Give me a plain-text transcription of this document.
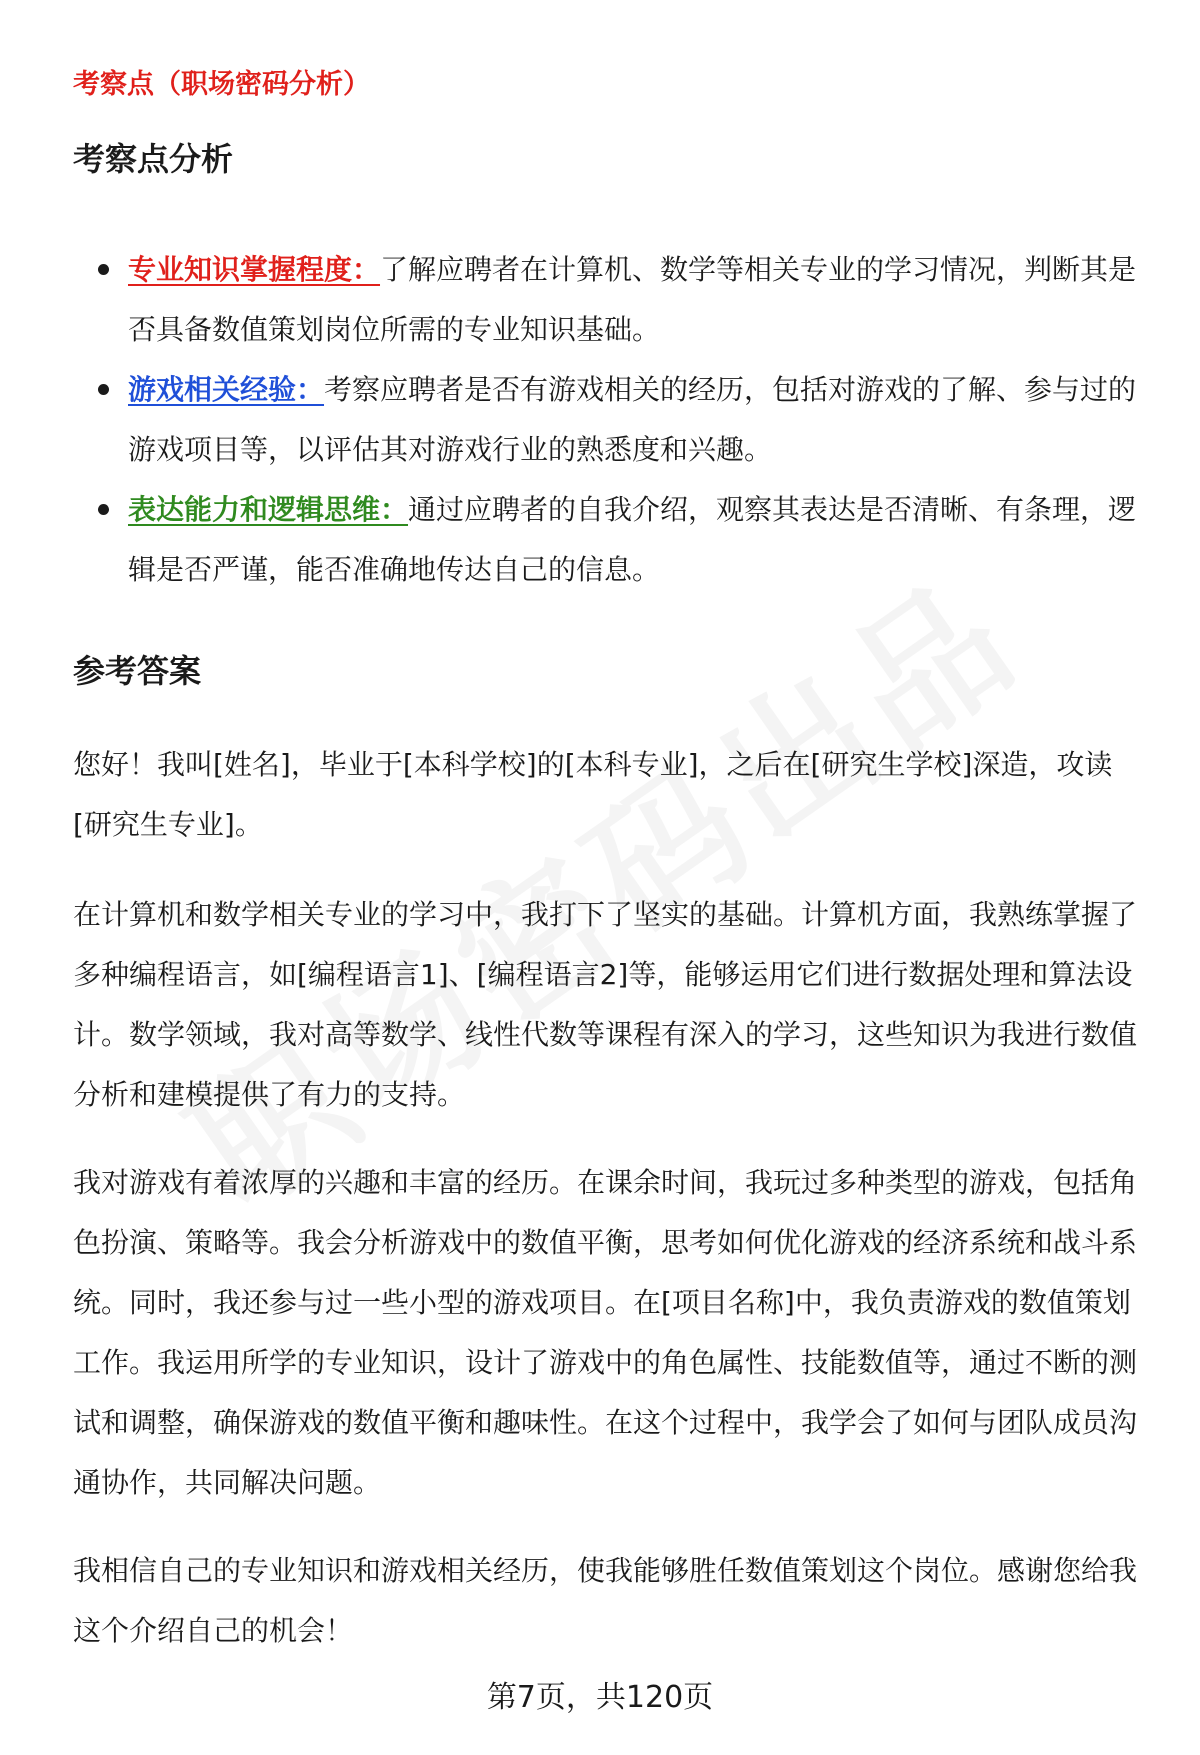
考察点（职场密码分析）
考察点分析
专业知识掌握程度：了解应聘者在计算机、数学等相关专业的学习情况，判断其是否具备数值策划岗位所需的专业知识基础。
游戏相关经验：考察应聘者是否有游戏相关的经历，包括对游戏的了解、参与过的游戏项目等，以评估其对游戏行业的熟悉度和兴趣。
表达能力和逻辑思维：通过应聘者的自我介绍，观察其表达是否清晰、有条理，逻辑是否严谨，能否准确地传达自己的信息。
参考答案

您好！我叫[姓名]，毕业于[本科学校]的[本科专业]，之后在[研究生学校]深造，攻读[研究生专业]。

在计算机和数学相关专业的学习中，我打下了坚实的基础。计算机方面，我熟练掌握了多种编程语言，如[编程语言1]、[编程语言2]等，能够运用它们进行数据处理和算法设计。数学领域，我对高等数学、线性代数等课程有深入的学习，这些知识为我进行数值分析和建模提供了有力的支持。

我对游戏有着浓厚的兴趣和丰富的经历。在课余时间，我玩过多种类型的游戏，包括角色扮演、策略等。我会分析游戏中的数值平衡，思考如何优化游戏的经济系统和战斗系统。同时，我还参与过一些小型的游戏项目。在[项目名称]中，我负责游戏的数值策划工作。我运用所学的专业知识，设计了游戏中的角色属性、技能数值等，通过不断的测试和调整，确保游戏的数值平衡和趣味性。在这个过程中，我学会了如何与团队成员沟通协作，共同解决问题。

我相信自己的专业知识和游戏相关经历，使我能够胜任数值策划这个岗位。感谢您给我这个介绍自己的机会！

第7页，共120页
